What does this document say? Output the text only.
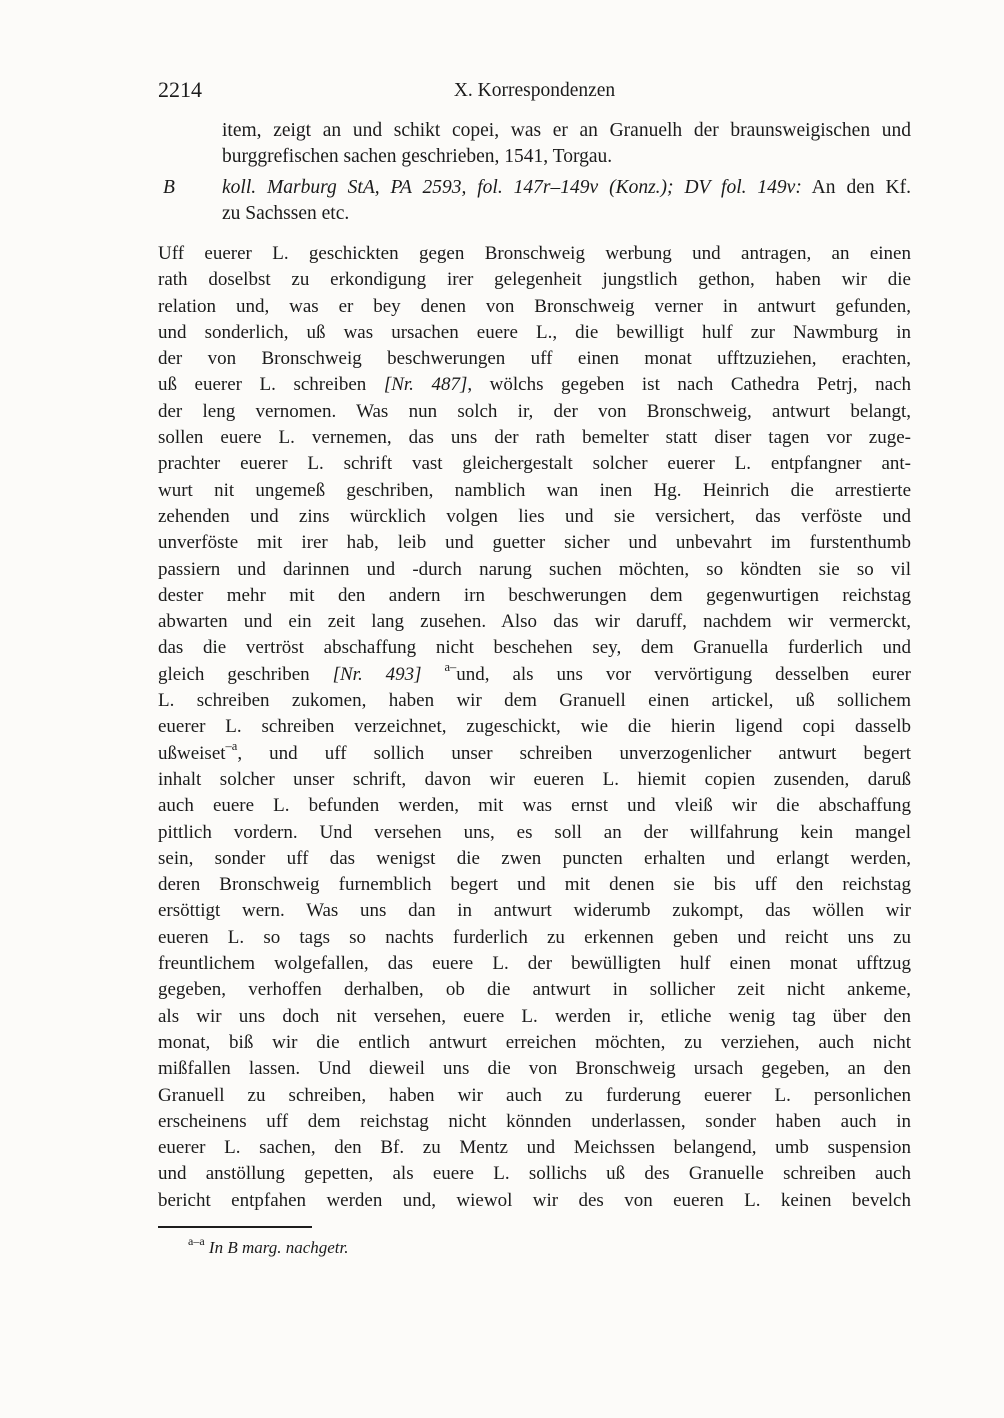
2214	X. Korrespondenzen
item, zeigt an und schikt copei, was er an Granuelh der braunsweigischen und
burggrefischen sachen geschrieben, 1541, Torgau.
B koll. Marburg StA, PA 2593, fol. 147r–149v (Konz.); DV fol. 149v: An den Kf.
zu Sachssen etc.
Uff euerer L. geschickten gegen Bronschweig werbung und antragen, an einen
rath doselbst zu erkondigung irer gelegenheit jungstlich gethon, haben wir die
relation und, was er bey denen von Bronschweig verner in antwurt gefunden,
und sonderlich, uß was ursachen euere L., die bewilligt hulf zur Nawmburg in
der von Bronschweig beschwerungen uff einen monat ufftzuziehen, erachten,
uß euerer L. schreiben [Nr. 487], wölchs gegeben ist nach Cathedra Petrj, nach
der leng vernomen. Was nun solch ir, der von Bronschweig, antwurt belangt,
sollen euere L. vernemen, das uns der rath bemelter statt diser tagen vor zuge-
prachter euerer L. schrift vast gleichergestalt solcher euerer L. entpfangner ant-
wurt nit ungemeß geschriben, namblich wan inen Hg. Heinrich die arrestierte
zehenden und zins würcklich volgen lies und sie versichert, das verföste und
unverföste mit irer hab, leib und guetter sicher und unbevahrt im furstenthumb
passiern und darinnen und -durch narung suchen möchten, so köndten sie so vil
dester mehr mit den andern irn beschwerungen dem gegenwurtigen reichstag
abwarten und ein zeit lang zusehen. Also das wir daruff, nachdem wir vermerckt,
das die vertröst abschaffung nicht beschehen sey, dem Granuella furderlich und
gleich geschriben [Nr. 493] $^{a-}$und, als uns vor vervörtigung desselben eurer
L. schreiben zukomen, haben wir dem Granuell einen artickel, uß sollichem
euerer L. schreiben verzeichnet, zugeschickt, wie die hierin ligend copi dasselb
ußweiset$^{-a}$, und uff sollich unser schreiben unverzogenlicher antwurt begert
inhalt solcher unser schrift, davon wir eueren L. hiemit copien zusenden, daruß
auch euere L. befunden werden, mit was ernst und vleiß wir die abschaffung
pittlich vordern. Und versehen uns, es soll an der willfahrung kein mangel
sein, sonder uff das wenigst die zwen puncten erhalten und erlangt werden,
deren Bronschweig furnemblich begert und mit denen sie bis uff den reichstag
ersöttigt wern. Was uns dan in antwurt widerumb zukompt, das wöllen wir
eueren L. so tags so nachts furderlich zu erkennen geben und reicht uns zu
freuntlichem wolgefallen, das euere L. der bewülligten hulf einen monat ufftzug
gegeben, verhoffen derhalben, ob die antwurt in sollicher zeit nicht ankeme,
als wir uns doch nit versehen, euere L. werden ir, etliche wenig tag über den
monat, biß wir die entlich antwurt erreichen möchten, zu verziehen, auch nicht
mißfallen lassen. Und dieweil uns die von Bronschweig ursach gegeben, an den
Granuell zu schreiben, haben wir auch zu furderung euerer L. personlichen
erscheinens uff dem reichstag nicht könnden underlassen, sonder haben auch in
euerer L. sachen, den Bf. zu Mentz und Meichssen belangend, umb suspension
und anstöllung gepetten, als euere L. sollichs uß des Granuelle schreiben auch
bericht entpfahen werden und, wiewol wir des von eueren L. keinen bevelch
$^{a-a}$ In B marg. nachgetr.
